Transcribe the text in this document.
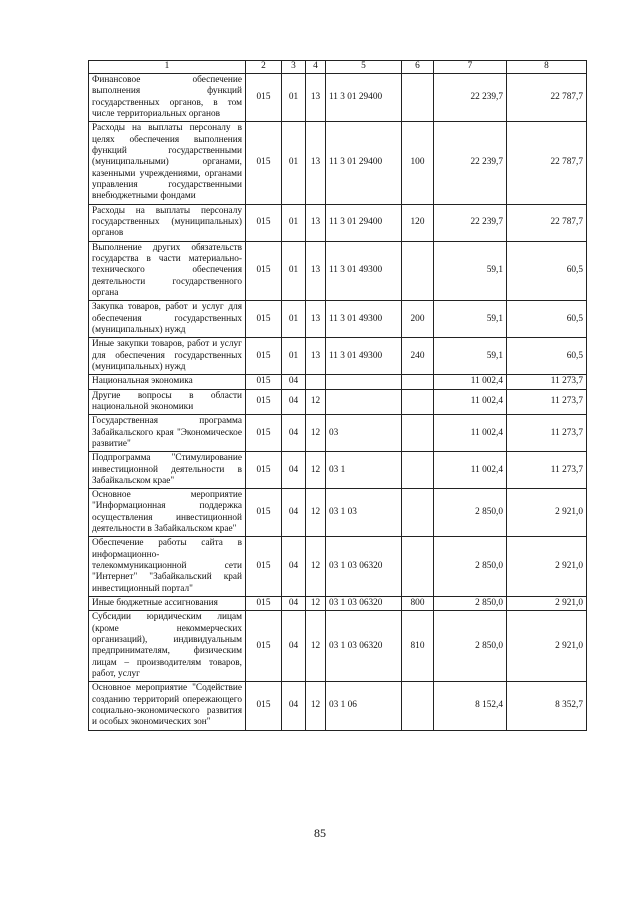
1	2	3	4	5	6	7	8
Финансовое обеспечение выполнения функций государственных органов, в том числе территориальных органов	015	01	13	11 3 01 29400		22 239,7	22 787,7
Расходы на выплаты персоналу в целях обеспечения выполнения функций государственными (муниципальными) органами, казенными учреждениями, органами управления государственными внебюджетными фондами	015	01	13	11 3 01 29400	100	22 239,7	22 787,7
Расходы на выплаты персоналу государственных (муниципальных) органов	015	01	13	11 3 01 29400	120	22 239,7	22 787,7
Выполнение других обязательств государства в части материально-технического обеспечения деятельности государственного органа	015	01	13	11 3 01 49300		59,1	60,5
Закупка товаров, работ и услуг для обеспечения государственных (муниципальных) нужд	015	01	13	11 3 01 49300	200	59,1	60,5
Иные закупки товаров, работ и услуг для обеспечения государственных (муниципальных) нужд	015	01	13	11 3 01 49300	240	59,1	60,5
Национальная экономика	015	04				11 002,4	11 273,7
Другие вопросы в области национальной экономики	015	04	12			11 002,4	11 273,7
Государственная программа Забайкальского края "Экономическое развитие"	015	04	12	03		11 002,4	11 273,7
Подпрограмма "Стимулирование инвестиционной деятельности в Забайкальском крае"	015	04	12	03 1		11 002,4	11 273,7
Основное мероприятие "Информационная поддержка осуществления инвестиционной деятельности в Забайкальском крае"	015	04	12	03 1 03		2 850,0	2 921,0
Обеспечение работы сайта в информационно-телекоммуникационной сети "Интернет" "Забайкальский край инвестиционный портал"	015	04	12	03 1 03 06320		2 850,0	2 921,0
Иные бюджетные ассигнования	015	04	12	03 1 03 06320	800	2 850,0	2 921,0
Субсидии юридическим лицам (кроме некоммерческих организаций), индивидуальным предпринимателям, физическим лицам – производителям товаров, работ, услуг	015	04	12	03 1 03 06320	810	2 850,0	2 921,0
Основное мероприятие "Содействие созданию территорий опережающего социально-экономического развития и особых экономических зон"	015	04	12	03 1 06		8 152,4	8 352,7
85
